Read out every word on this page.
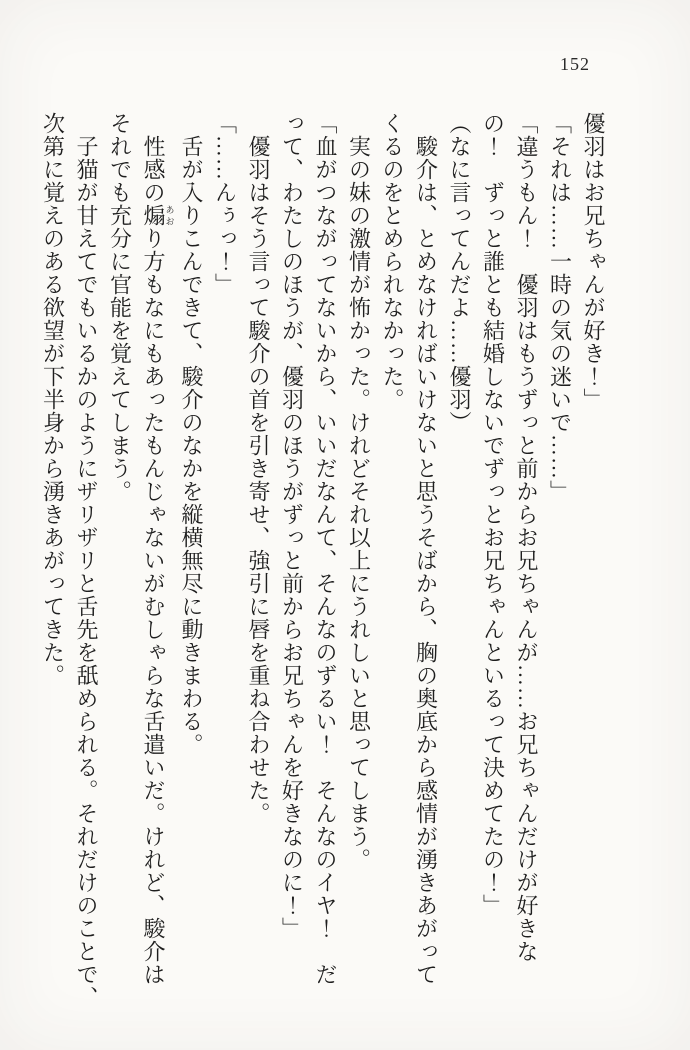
152

優羽はお兄ちゃんが好き！」

「それは……一時の気の迷いで……」

「違うもん！　優羽はもうずっと前からお兄ちゃんが……お兄ちゃんだけが好きな

の！　ずっと誰とも結婚しないでずっとお兄ちゃんといるって決めてたの！」

（なに言ってんだよ……優羽）

駿介は、とめなければいけないと思うそばから、胸の奥底から感情が湧きあがって

くるのをとめられなかった。

実の妹の激情が怖かった。けれどそれ以上にうれしいと思ってしまう。

「血がつながってないから、いいだなんて、そんなのずるい！　そんなのイヤ！　だ

って、わたしのほうが、優羽のほうがずっと前からお兄ちゃんを好きなのに！」

優羽はそう言って駿介の首を引き寄せ、強引に唇を重ね合わせた。

「……んぅっ！」

舌が入りこんできて、駿介のなかを縦横無尽に動きまわる。

性感の煽あおり方もなにもあったもんじゃないがむしゃらな舌遣いだ。けれど、駿介は

それでも充分に官能を覚えてしまう。

子猫が甘えてでもいるかのようにザリザリと舌先を舐められる。それだけのことで、

次第に覚えのある欲望が下半身から湧きあがってきた。
